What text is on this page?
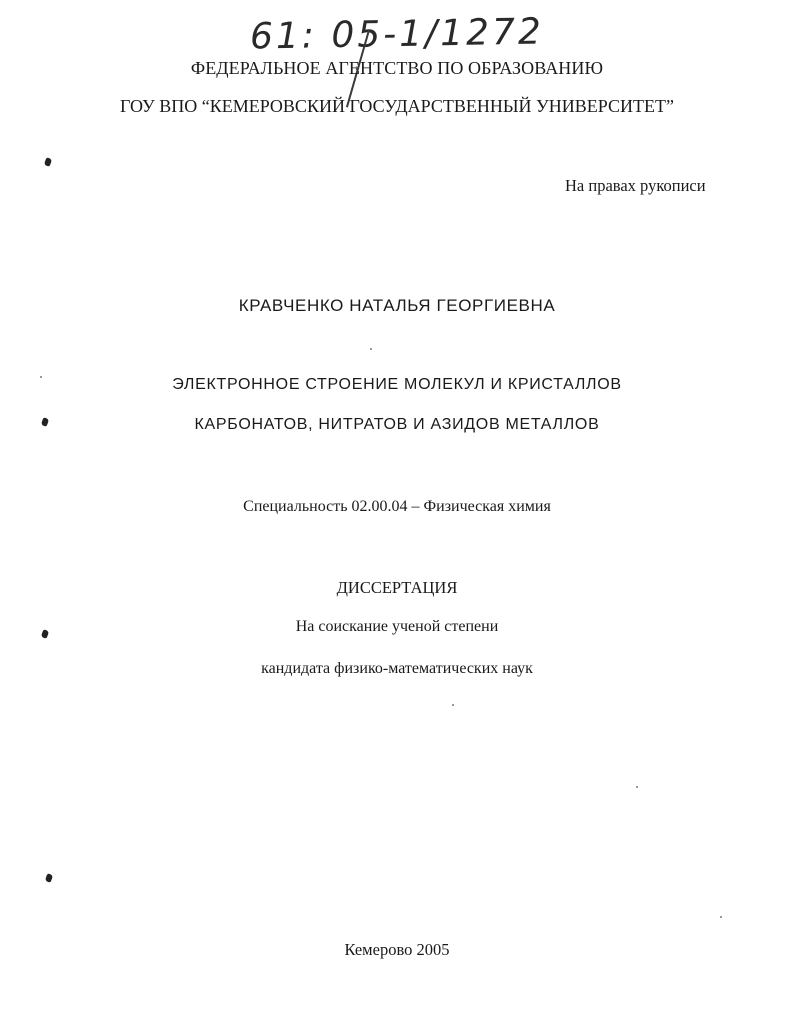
61: 05-1/1272
ФЕДЕРАЛЬНОЕ АГЕНТСТВО ПО ОБРАЗОВАНИЮ
ГОУ ВПО “КЕМЕРОВСКИЙ ГОСУДАРСТВЕННЫЙ УНИВЕРСИТЕТ”
На правах рукописи
КРАВЧЕНКО НАТАЛЬЯ ГЕОРГИЕВНА
ЭЛЕКТРОННОЕ СТРОЕНИЕ МОЛЕКУЛ И КРИСТАЛЛОВ
КАРБОНАТОВ, НИТРАТОВ И АЗИДОВ МЕТАЛЛОВ
Специальность 02.00.04 – Физическая химия
ДИССЕРТАЦИЯ
На соискание ученой степени
кандидата физико-математических наук
Кемерово 2005
